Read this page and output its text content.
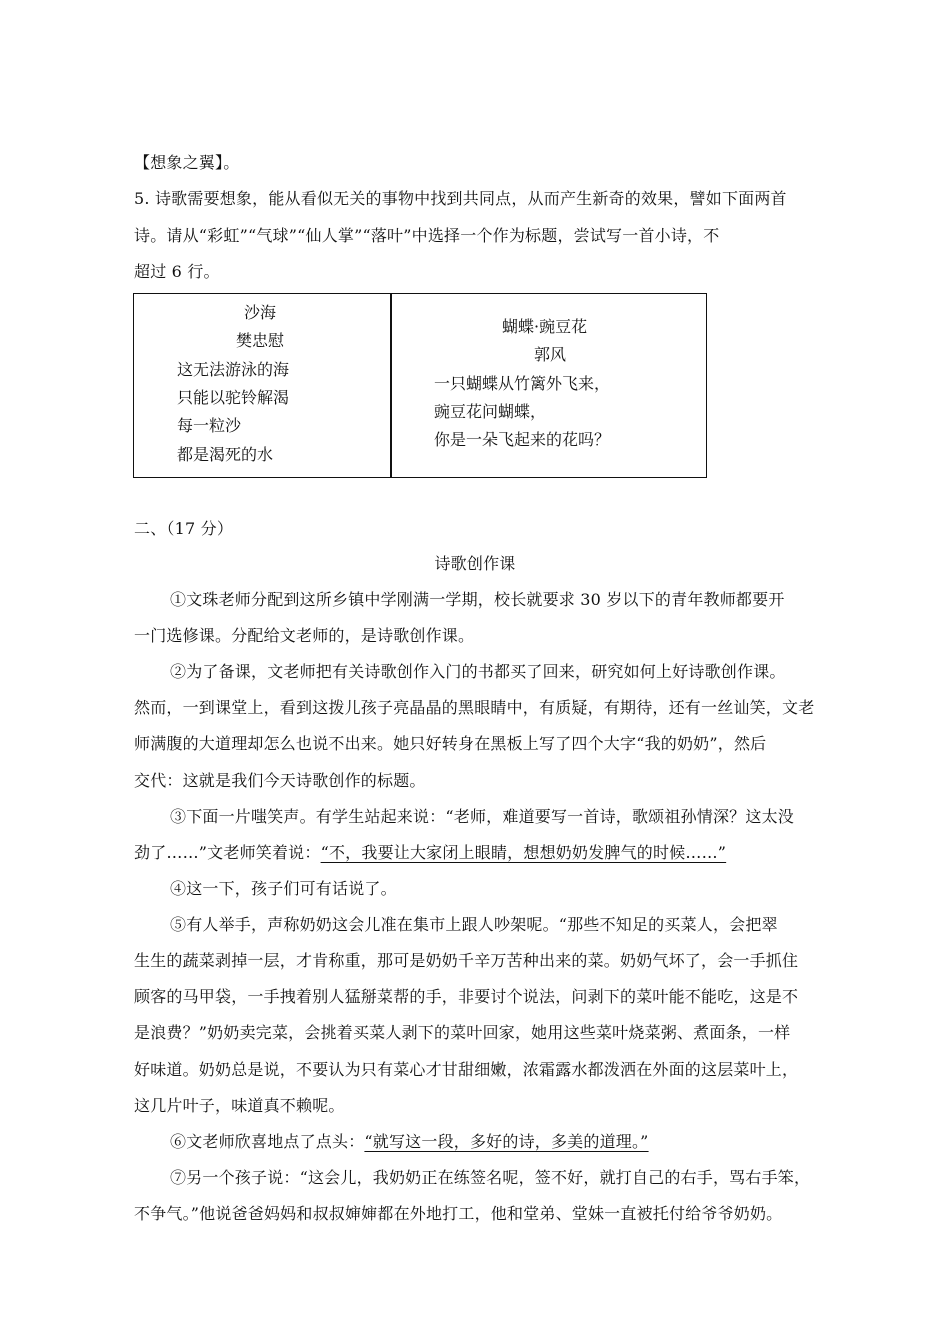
【想象之翼】。
5. 诗歌需要想象，能从看似无关的事物中找到共同点，从而产生新奇的效果，譬如下面两首
诗。请从“彩虹”“气球”“仙人掌”“落叶”中选择一个作为标题，尝试写一首小诗，不
超过 6 行。
沙海
樊忠慰
这无法游泳的海
只能以驼铃解渴
每一粒沙
都是渴死的水
蝴蝶·豌豆花
郭风
一只蝴蝶从竹篱外飞来，
豌豆花问蝴蝶，
你是一朵飞起来的花吗？
二、（17 分）
诗歌创作课
①文珠老师分配到这所乡镇中学刚满一学期，校长就要求 30 岁以下的青年教师都要开
一门选修课。分配给文老师的，是诗歌创作课。
②为了备课，文老师把有关诗歌创作入门的书都买了回来，研究如何上好诗歌创作课。
然而，一到课堂上，看到这拨儿孩子亮晶晶的黑眼睛中，有质疑，有期待，还有一丝讪笑，文老
师满腹的大道理却怎么也说不出来。她只好转身在黑板上写了四个大字“我的奶奶”，然后
交代：这就是我们今天诗歌创作的标题。
③下面一片嗤笑声。有学生站起来说：“老师，难道要写一首诗，歌颂祖孙情深？这太没
劲了……”文老师笑着说：“不，我要让大家闭上眼睛，想想奶奶发脾气的时候……”
④这一下，孩子们可有话说了。
⑤有人举手，声称奶奶这会儿准在集市上跟人吵架呢。“那些不知足的买菜人，会把翠
生生的蔬菜剥掉一层，才肯称重，那可是奶奶千辛万苦种出来的菜。奶奶气坏了，会一手抓住
顾客的马甲袋，一手拽着别人猛掰菜帮的手，非要讨个说法，问剥下的菜叶能不能吃，这是不
是浪费？”奶奶卖完菜，会挑着买菜人剥下的菜叶回家，她用这些菜叶烧菜粥、煮面条，一样
好味道。奶奶总是说，不要认为只有菜心才甘甜细嫩，浓霜露水都泼洒在外面的这层菜叶上，
这几片叶子，味道真不赖呢。
⑥文老师欣喜地点了点头：“就写这一段，多好的诗，多美的道理。”
⑦另一个孩子说：“这会儿，我奶奶正在练签名呢，签不好，就打自己的右手，骂右手笨，
不争气。”他说爸爸妈妈和叔叔婶婶都在外地打工，他和堂弟、堂妹一直被托付给爷爷奶奶。
